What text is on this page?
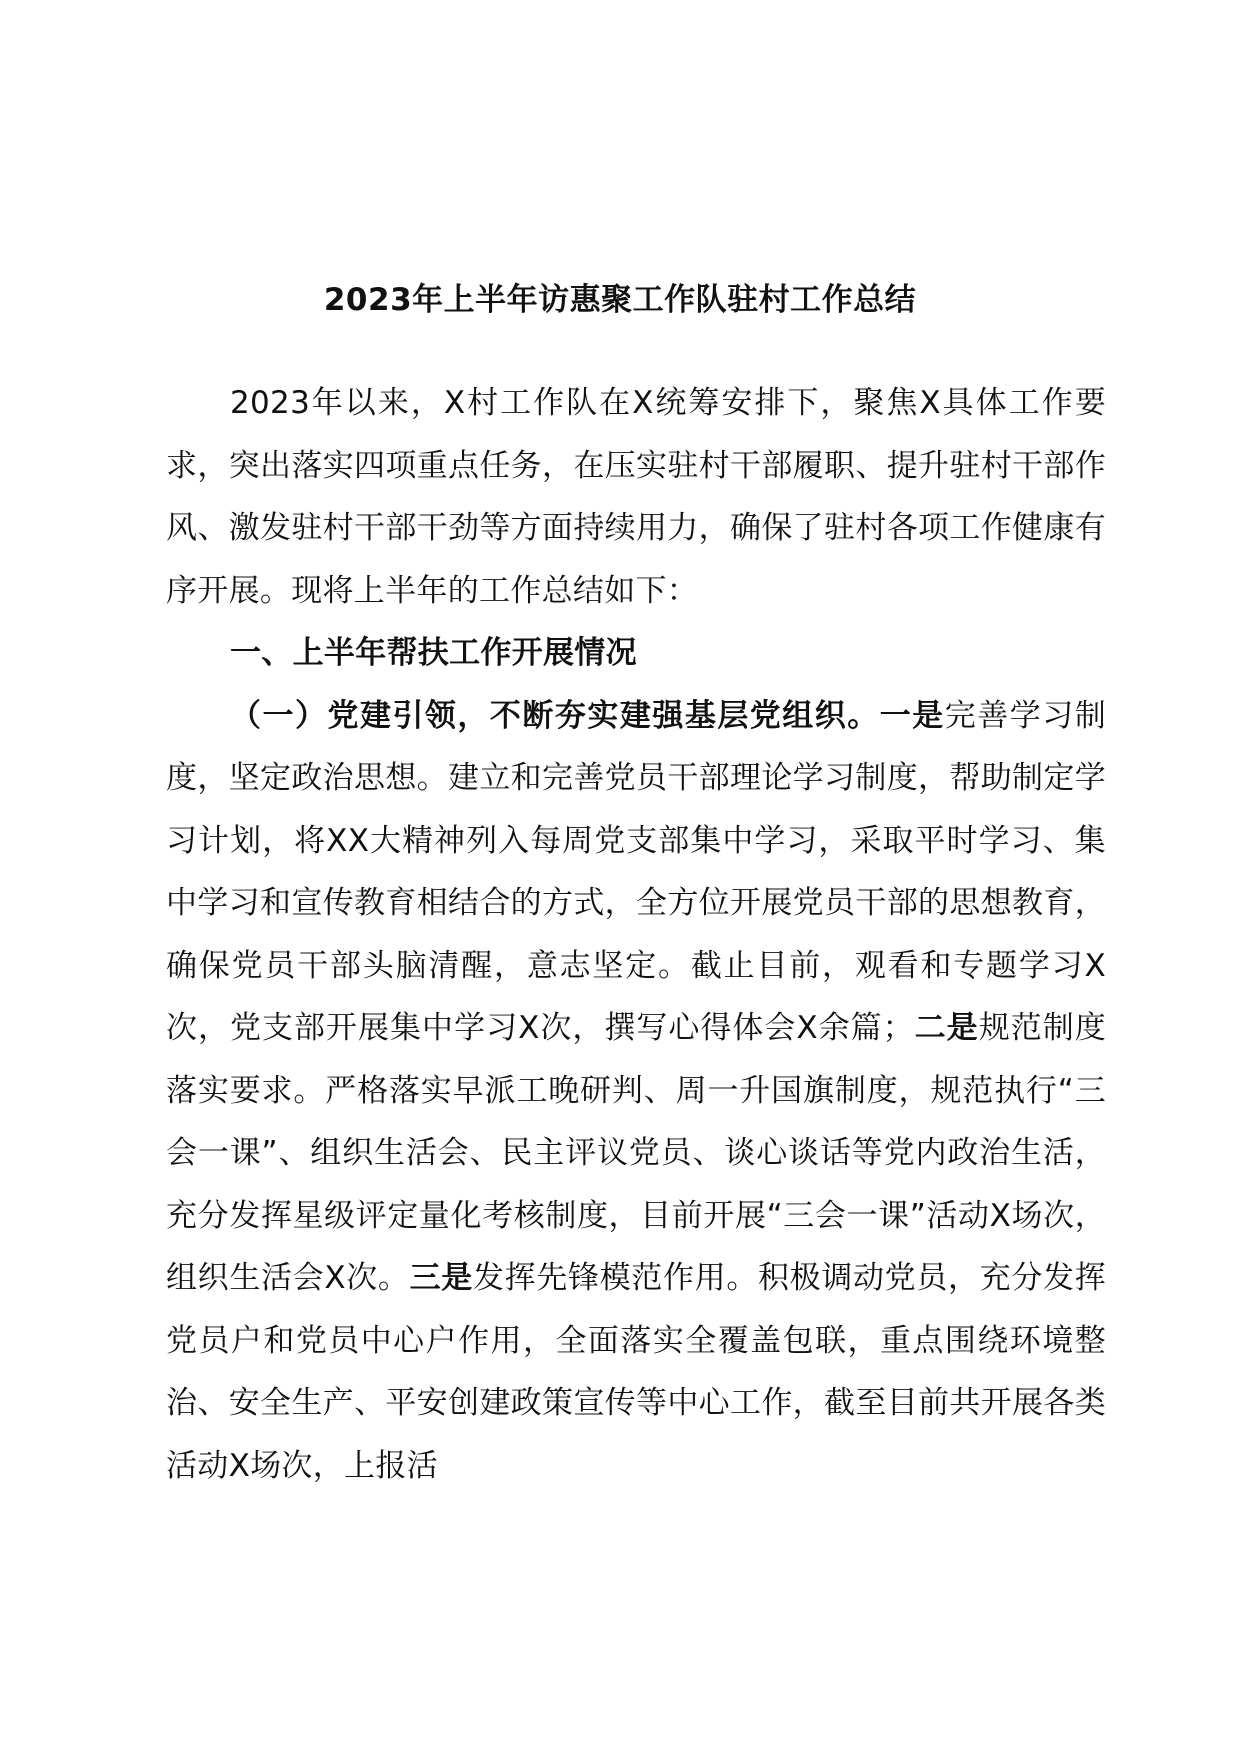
2023年上半年访惠聚工作队驻村工作总结

2023年以来，X村工作队在X统筹安排下，聚焦X具体工作要求，突出落实四项重点任务，在压实驻村干部履职、提升驻村干部作风、激发驻村干部干劲等方面持续用力，确保了驻村各项工作健康有序开展。现将上半年的工作总结如下：

一、上半年帮扶工作开展情况

（一）党建引领，不断夯实建强基层党组织。一是完善学习制度，坚定政治思想。建立和完善党员干部理论学习制度，帮助制定学习计划，将XX大精神列入每周党支部集中学习，采取平时学习、集中学习和宣传教育相结合的方式，全方位开展党员干部的思想教育，确保党员干部头脑清醒，意志坚定。截止目前，观看和专题学习X次，党支部开展集中学习X次，撰写心得体会X余篇；二是规范制度落实要求。严格落实早派工晚研判、周一升国旗制度，规范执行“三会一课”、组织生活会、民主评议党员、谈心谈话等党内政治生活，充分发挥星级评定量化考核制度，目前开展“三会一课”活动X场次，组织生活会X次。三是发挥先锋模范作用。积极调动党员，充分发挥党员户和党员中心户作用，全面落实全覆盖包联，重点围绕环境整治、安全生产、平安创建政策宣传等中心工作，截至目前共开展各类活动X场次，上报活
